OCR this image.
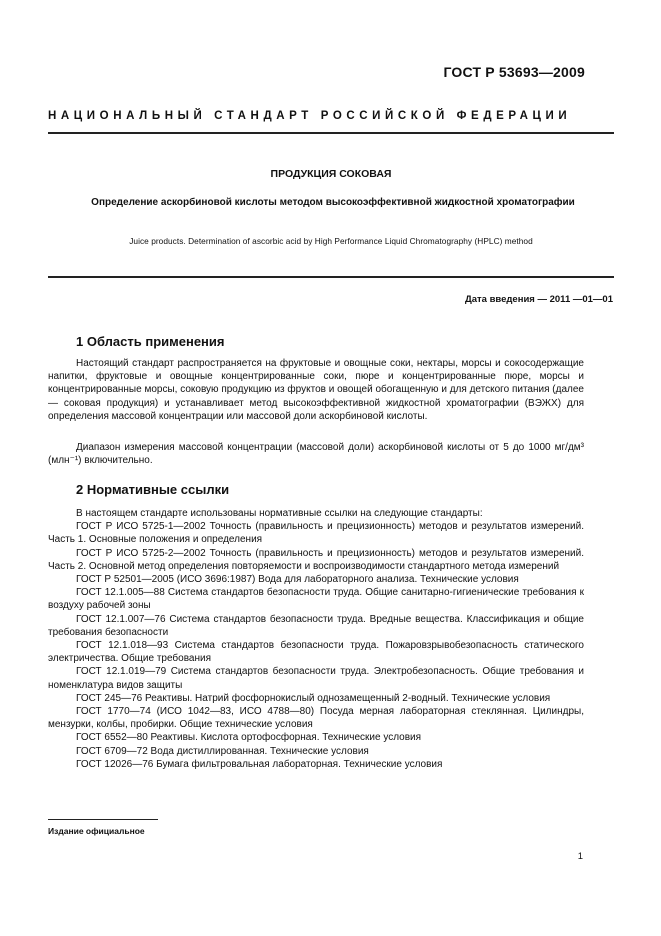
ГОСТ Р 53693—2009
НАЦИОНАЛЬНЫЙ СТАНДАРТ РОССИЙСКОЙ ФЕДЕРАЦИИ
ПРОДУКЦИЯ СОКОВАЯ
Определение аскорбиновой кислоты методом высокоэффективной жидкостной хроматографии
Juice products. Determination of ascorbic acid by High Performance Liquid Chromatography (HPLC) method
Дата введения — 2011 —01—01
1 Область применения
Настоящий стандарт распространяется на фруктовые и овощные соки, нектары, морсы и сокосодержащие напитки, фруктовые и овощные концентрированные соки, пюре и концентрированные пюре, морсы и концентрированные морсы, соковую продукцию из фруктов и овощей обогащенную и для детского питания (далее — соковая продукция) и устанавливает метод высокоэффективной жидкостной хроматографии (ВЭЖХ) для определения массовой концентрации или массовой доли аскорбиновой кислоты.
Диапазон измерения массовой концентрации (массовой доли) аскорбиновой кислоты от 5 до 1000 мг/дм³ (млн⁻¹) включительно.
2 Нормативные ссылки
В настоящем стандарте использованы нормативные ссылки на следующие стандарты:
ГОСТ Р ИСО 5725-1—2002 Точность (правильность и прецизионность) методов и результатов измерений. Часть 1. Основные положения и определения
ГОСТ Р ИСО 5725-2—2002 Точность (правильность и прецизионность) методов и результатов измерений. Часть 2. Основной метод определения повторяемости и воспроизводимости стандартного метода измерений
ГОСТ Р 52501—2005 (ИСО 3696:1987) Вода для лабораторного анализа. Технические условия
ГОСТ 12.1.005—88 Система стандартов безопасности труда. Общие санитарно-гигиенические требования к воздуху рабочей зоны
ГОСТ 12.1.007—76 Система стандартов безопасности труда. Вредные вещества. Классификация и общие требования безопасности
ГОСТ 12.1.018—93 Система стандартов безопасности труда. Пожаровзрывобезопасность статического электричества. Общие требования
ГОСТ 12.1.019—79 Система стандартов безопасности труда. Электробезопасность. Общие требования и номенклатура видов защиты
ГОСТ 245—76 Реактивы. Натрий фосфорнокислый однозамещенный 2-водный. Технические условия
ГОСТ 1770—74 (ИСО 1042—83, ИСО 4788—80) Посуда мерная лабораторная стеклянная. Цилиндры, мензурки, колбы, пробирки. Общие технические условия
ГОСТ 6552—80 Реактивы. Кислота ортофосфорная. Технические условия
ГОСТ 6709—72 Вода дистиллированная. Технические условия
ГОСТ 12026—76 Бумага фильтровальная лабораторная. Технические условия
Издание официальное
1
